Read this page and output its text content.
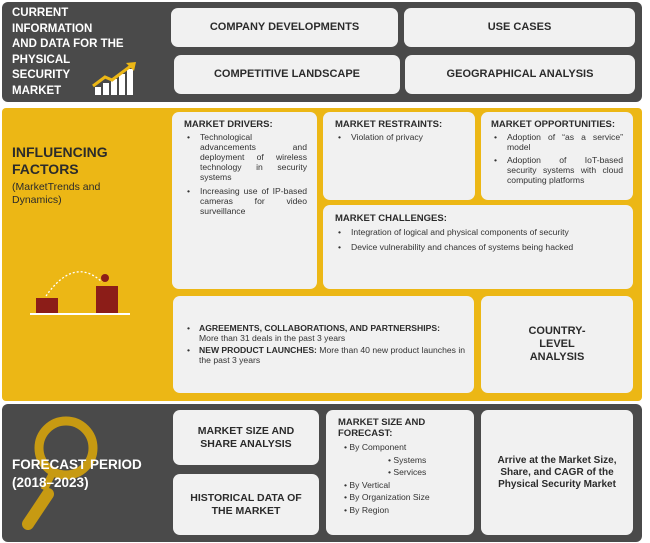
CURRENT
INFORMATION
AND DATA FOR THE
PHYSICAL
SECURITY
MARKET
COMPANY DEVELOPMENTS	USE CASES
COMPETITIVE LANDSCAPE	GEOGRAPHICAL ANALYSIS
INFLUENCING
FACTORS
(MarketTrends and
Dynamics)
MARKET DRIVERS:
• Technological advancements and deployment of wireless technology in security systems
• Increasing use of IP-based cameras for video surveillance
MARKET RESTRAINTS:
• Violation of privacy
MARKET OPPORTUNITIES:
• Adoption of “as a service” model
• Adoption of IoT-based security systems with cloud computing platforms
MARKET CHALLENGES:
• Integration of logical and physical components of security
• Device vulnerability and chances of systems being hacked
• AGREEMENTS, COLLABORATIONS, AND PARTNERSHIPS:
More than 31 deals in the past 3 years
• NEW PRODUCT LAUNCHES: More than 40 new product launches in the past 3 years
COUNTRY-LEVEL ANALYSIS
FORECAST PERIOD
(2018–2023)
MARKET SIZE AND SHARE ANALYSIS
HISTORICAL DATA OF THE MARKET
MARKET SIZE AND
FORECAST:
• By Component
• Systems
• Services
• By Vertical
• By Organization Size
• By Region
Arrive at the Market Size, Share, and CAGR of the Physical Security Market
